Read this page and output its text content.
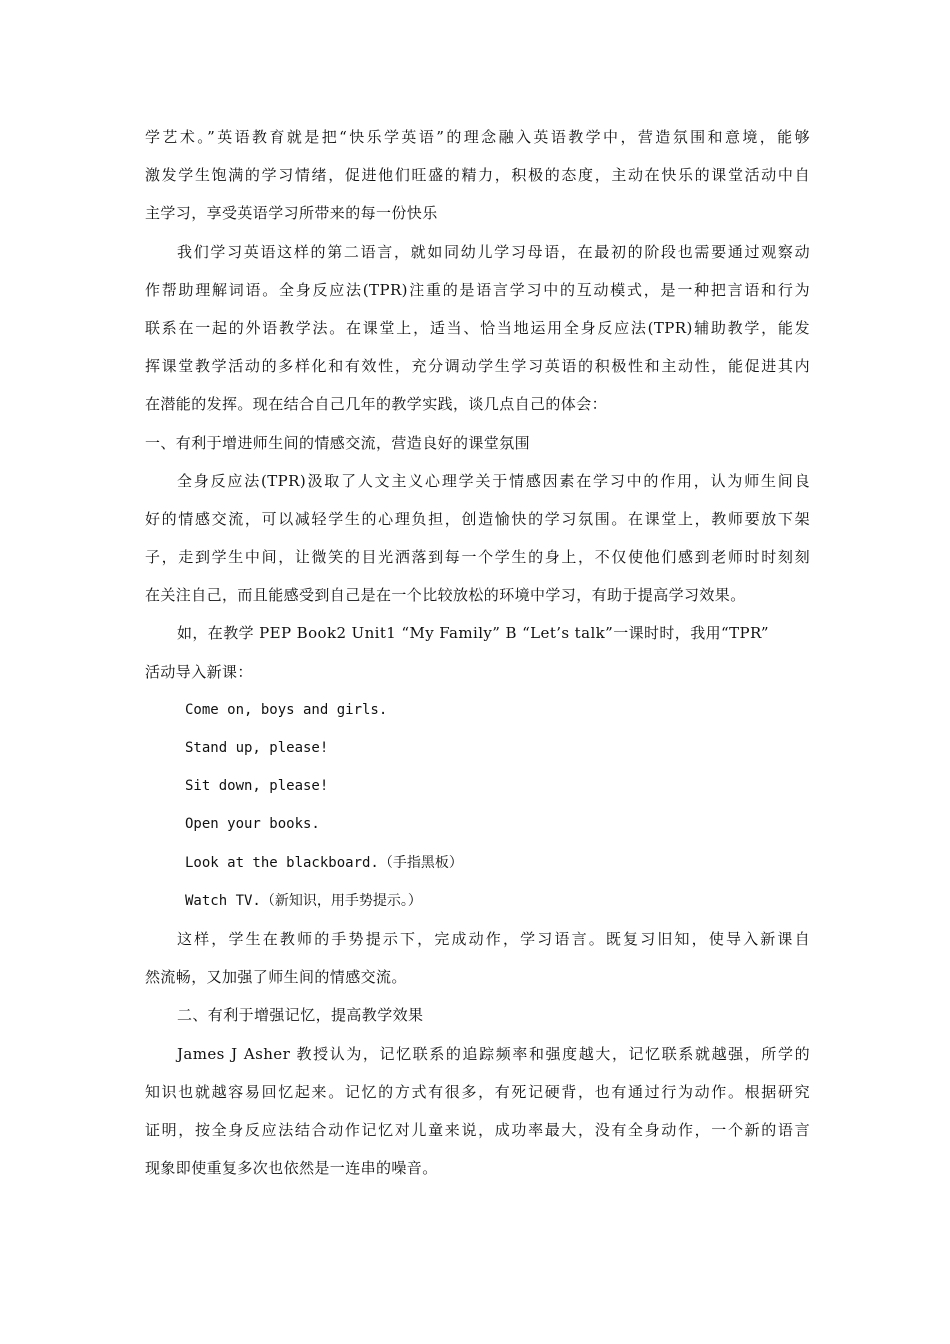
学艺术。”英语教育就是把“快乐学英语”的理念融入英语教学中，营造氛围和意境，能够
激发学生饱满的学习情绪，促进他们旺盛的精力，积极的态度，主动在快乐的课堂活动中自
主学习，享受英语学习所带来的每一份快乐
我们学习英语这样的第二语言，就如同幼儿学习母语，在最初的阶段也需要通过观察动
作帮助理解词语。全身反应法(TPR)注重的是语言学习中的互动模式，是一种把言语和行为
联系在一起的外语教学法。在课堂上，适当、恰当地运用全身反应法(TPR)辅助教学，能发
挥课堂教学活动的多样化和有效性，充分调动学生学习英语的积极性和主动性，能促进其内
在潜能的发挥。现在结合自己几年的教学实践，谈几点自己的体会：
一、有利于增进师生间的情感交流，营造良好的课堂氛围
全身反应法(TPR)汲取了人文主义心理学关于情感因素在学习中的作用，认为师生间良
好的情感交流，可以减轻学生的心理负担，创造愉快的学习氛围。在课堂上，教师要放下架
子，走到学生中间，让微笑的目光洒落到每一个学生的身上，不仅使他们感到老师时时刻刻
在关注自己，而且能感受到自己是在一个比较放松的环境中学习，有助于提高学习效果。
如，在教学 PEP Book2 Unit1 “My Family” B “Let’s talk”一课时时，我用“TPR”
活动导入新课：
Come on, boys and girls.
Stand up, please!
Sit down, please!
Open your books.
Look at the blackboard.（手指黑板）
Watch TV.（新知识，用手势提示。）
这样，学生在教师的手势提示下，完成动作，学习语言。既复习旧知，使导入新课自
然流畅，又加强了师生间的情感交流。
二、有利于增强记忆，提高教学效果
James J Asher 教授认为，记忆联系的追踪频率和强度越大，记忆联系就越强，所学的
知识也就越容易回忆起来。记忆的方式有很多，有死记硬背，也有通过行为动作。根据研究
证明，按全身反应法结合动作记忆对儿童来说，成功率最大，没有全身动作，一个新的语言
现象即使重复多次也依然是一连串的噪音。
